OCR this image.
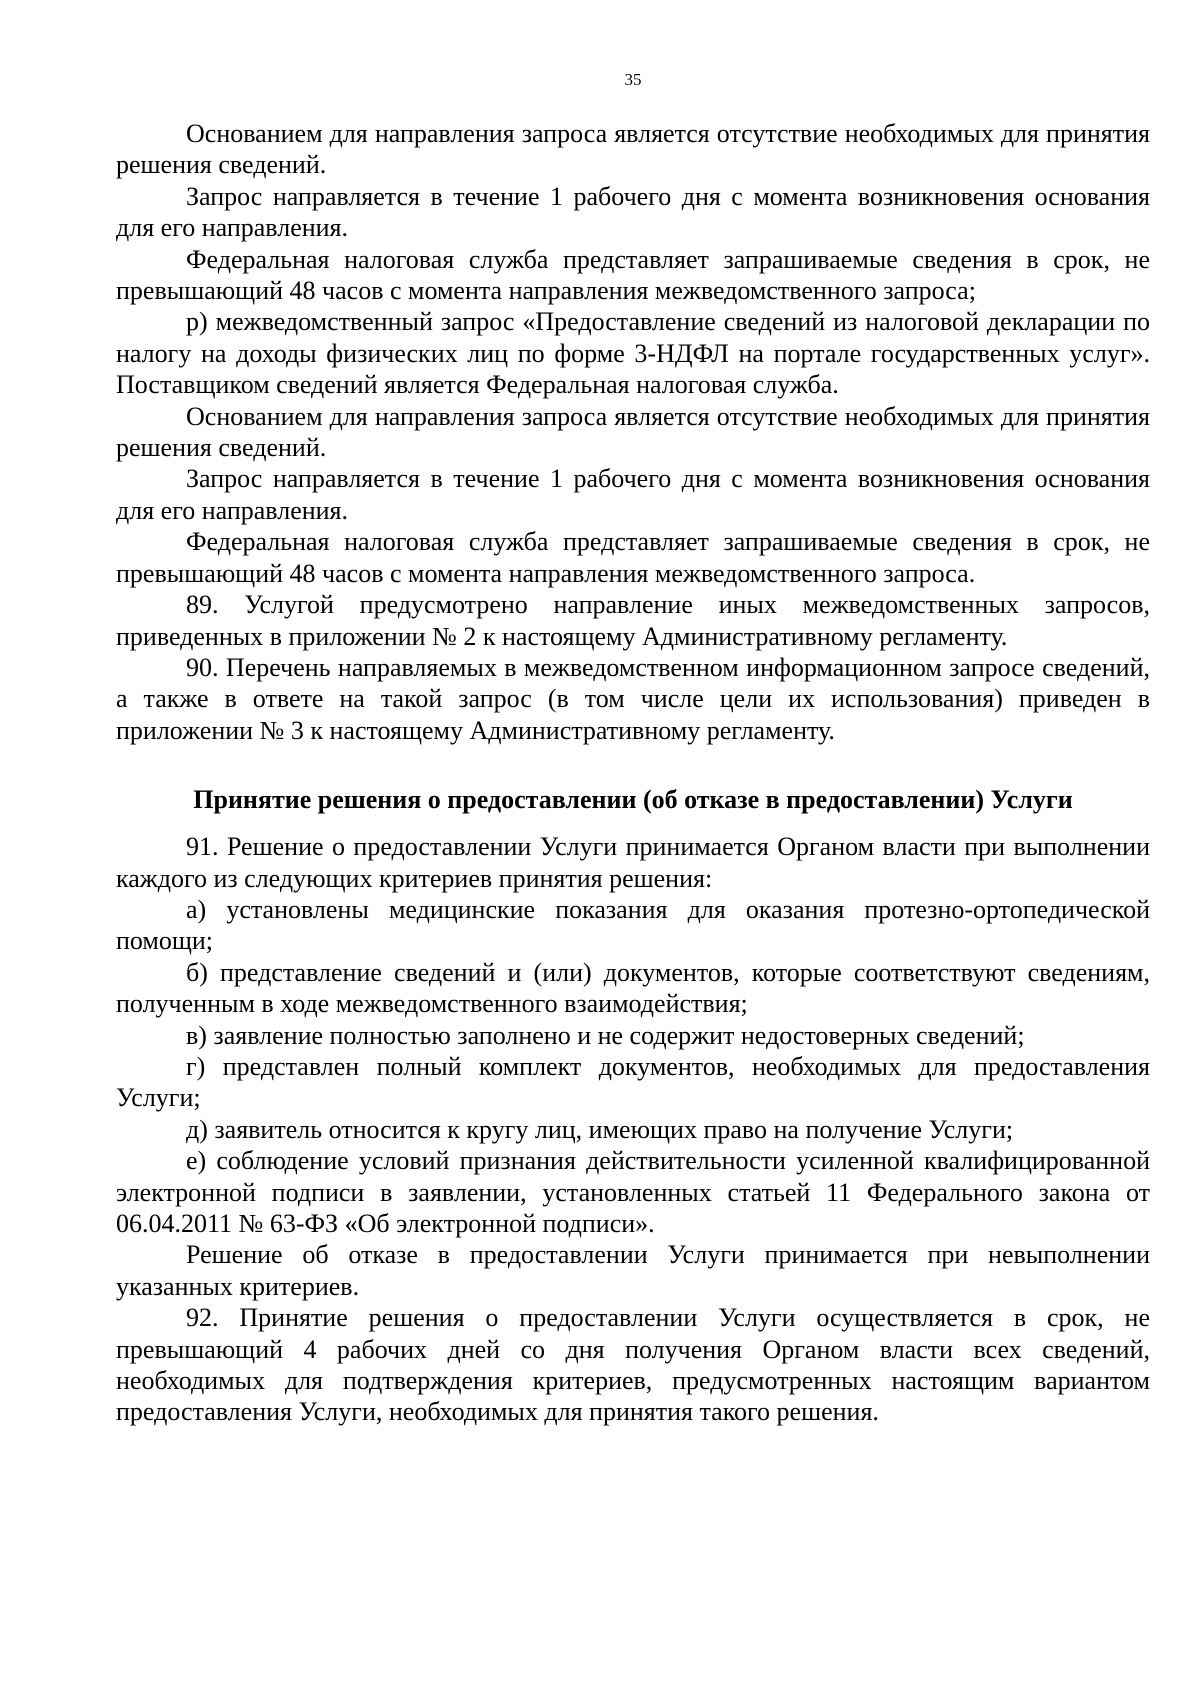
35

Основанием для направления запроса является отсутствие необходимых для принятия решения сведений.

Запрос направляется в течение 1 рабочего дня с момента возникновения основания для его направления.

Федеральная налоговая служба представляет запрашиваемые сведения в срок, не превышающий 48 часов с момента направления межведомственного запроса;

р) межведомственный запрос «Предоставление сведений из налоговой декларации по налогу на доходы физических лиц по форме 3-НДФЛ на портале государственных услуг». Поставщиком сведений является Федеральная налоговая служба.

Основанием для направления запроса является отсутствие необходимых для принятия решения сведений.

Запрос направляется в течение 1 рабочего дня с момента возникновения основания для его направления.

Федеральная налоговая служба представляет запрашиваемые сведения в срок, не превышающий 48 часов с момента направления межведомственного запроса.

89. Услугой предусмотрено направление иных межведомственных запросов, приведенных в приложении № 2 к настоящему Административному регламенту.

90. Перечень направляемых в межведомственном информационном запросе сведений, а также в ответе на такой запрос (в том числе цели их использования) приведен в приложении № 3 к настоящему Административному регламенту.

Принятие решения о предоставлении (об отказе в предоставлении) Услуги

91. Решение о предоставлении Услуги принимается Органом власти при выполнении каждого из следующих критериев принятия решения:

а) установлены медицинские показания для оказания протезно-ортопедической помощи;

б) представление сведений и (или) документов, которые соответствуют сведениям, полученным в ходе межведомственного взаимодействия;

в) заявление полностью заполнено и не содержит недостоверных сведений;

г) представлен полный комплект документов, необходимых для предоставления Услуги;

д) заявитель относится к кругу лиц, имеющих право на получение Услуги;

е) соблюдение условий признания действительности усиленной квалифицированной электронной подписи в заявлении, установленных статьей 11 Федерального закона от 06.04.2011 № 63-ФЗ «Об электронной подписи».

Решение об отказе в предоставлении Услуги принимается при невыполнении указанных критериев.

92. Принятие решения о предоставлении Услуги осуществляется в срок, не превышающий 4 рабочих дней со дня получения Органом власти всех сведений, необходимых для подтверждения критериев, предусмотренных настоящим вариантом предоставления Услуги, необходимых для принятия такого решения.
